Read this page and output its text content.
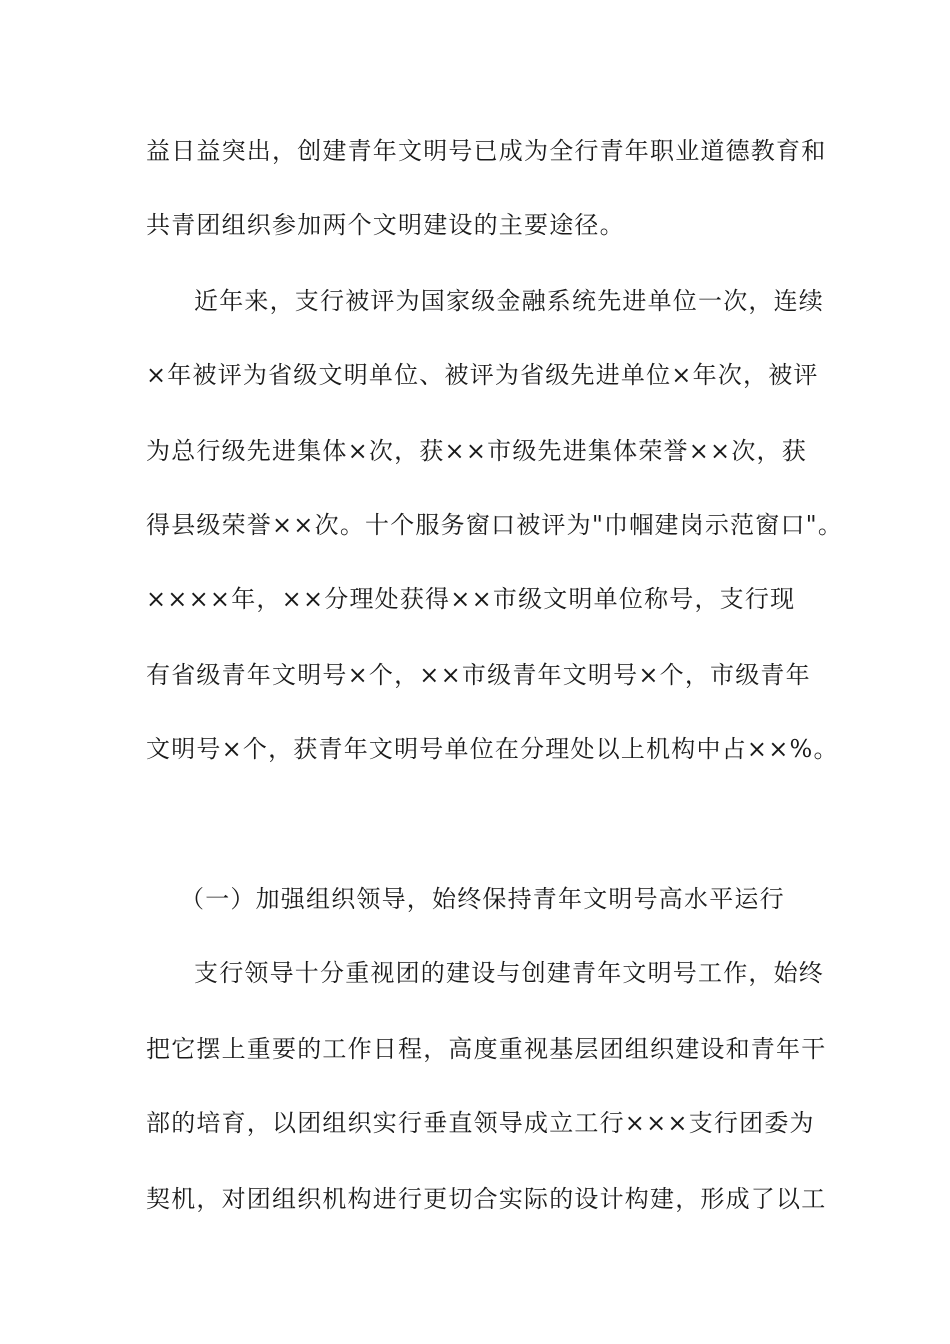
益日益突出，创建青年文明号已成为全行青年职业道德教育和
共青团组织参加两个文明建设的主要途径。
近年来，支行被评为国家级金融系统先进单位一次，连续
×年被评为省级文明单位、被评为省级先进单位×年次，被评
为总行级先进集体×次，获××市级先进集体荣誉××次，获
得县级荣誉××次。十个服务窗口被评为"巾帼建岗示范窗口"。
××××年，××分理处获得××市级文明单位称号，支行现
有省级青年文明号×个，××市级青年文明号×个，市级青年
文明号×个，获青年文明号单位在分理处以上机构中占××%。
（一）加强组织领导，始终保持青年文明号高水平运行
支行领导十分重视团的建设与创建青年文明号工作，始终
把它摆上重要的工作日程，高度重视基层团组织建设和青年干
部的培育，以团组织实行垂直领导成立工行×××支行团委为
契机，对团组织机构进行更切合实际的设计构建，形成了以工
